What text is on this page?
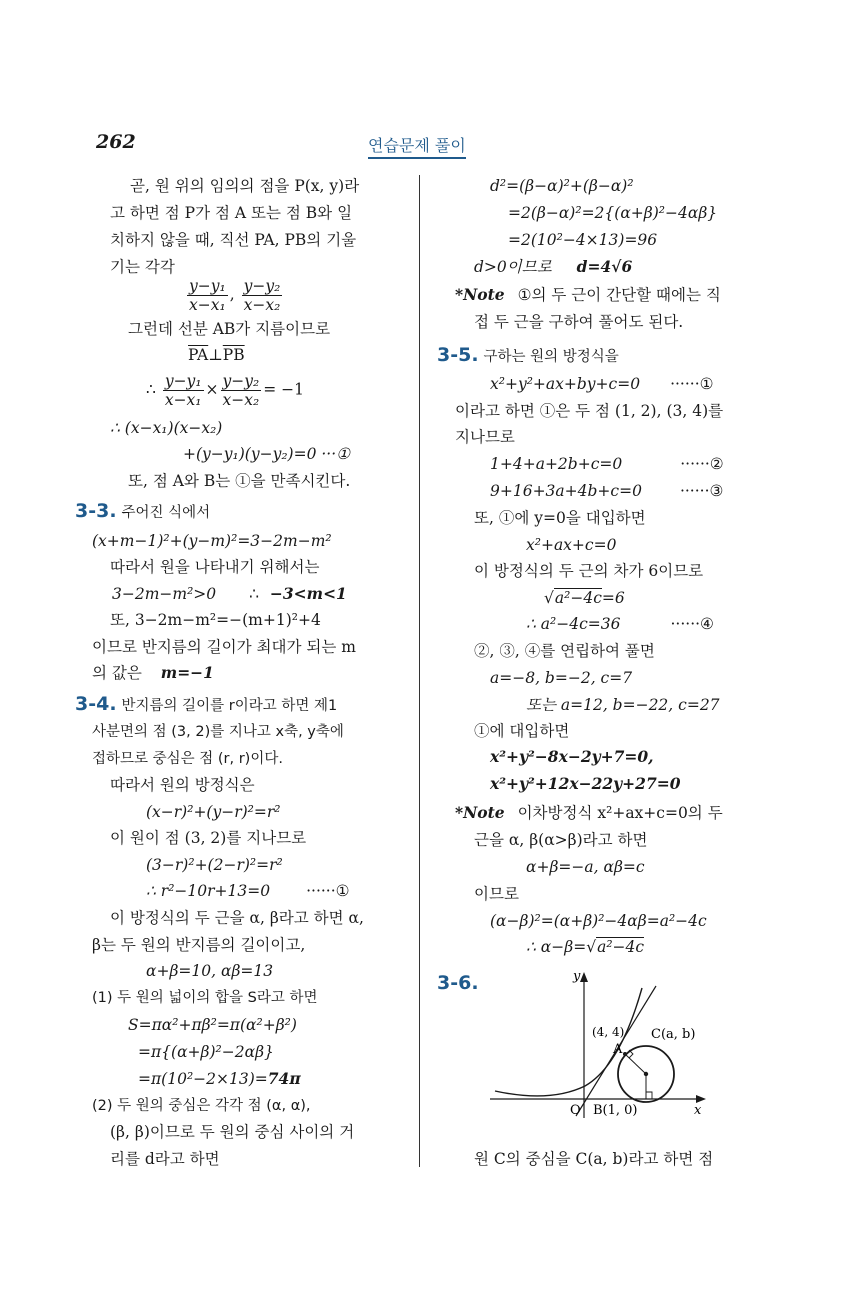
262	연습문제 풀이
곧, 원 위의 임의의 점을 P(x, y)라
고 하면 점 P가 점 A 또는 점 B와 일
치하지 않을 때, 직선 PA, PB의 기울
기는 각각
$\frac{\text{y−y₁}}{\text{x−x₁}}$ , $\frac{\text{y−y₂}}{\text{x−x₂}}$
그런데 선분 AB가 지름이므로
$\overline{PA}\perp\overline{PB}$
∴ $\frac{\text{y−y₁}}{\text{x−x₁}} \times \frac{\text{y−y₂}}{\text{x−x₂}} = -1$
∴ (x−x₁)(x−x₂)
+(y−y₁)(y−y₂)=0 ···①
또, 점 A와 B는 ①을 만족시킨다.
3-3. 주어진 식에서
(x+m−1)²+(y−m)²=3−2m−m²
따라서 원을 나타내기 위해서는
3−2m−m²>0 ∴ −3<m<1
또, 3−2m−m²=−(m+1)²+4
이므로 반지름의 길이가 최대가 되는 m
의 값은 m=−1
3-4. 반지름의 길이를 r이라고 하면 제1
사분면의 점 (3, 2)를 지나고 x축, y축에
접하므로 중심은 점 (r, r)이다.
따라서 원의 방정식은
(x−r)²+(y−r)²=r²
이 원이 점 (3, 2)를 지나므로
(3−r)²+(2−r)²=r²
∴ r²−10r+13=0 ······①
이 방정식의 두 근을 α, β라고 하면 α,
β는 두 원의 반지름의 길이이고,
α+β=10, αβ=13
(1) 두 원의 넓이의 합을 S라고 하면
S=πα²+πβ²=π(α²+β²)
=π{(α+β)²−2αβ}
=π(10²−2×13)=74π
(2) 두 원의 중심은 각각 점 (α, α),
(β, β)이므로 두 원의 중심 사이의 거
리를 d라고 하면
d²=(β−α)²+(β−α)²
=2(β−α)²=2{(α+β)²−4αβ}
=2(10²−4×13)=96
d>0이므로 d=4√6
*Note ①의 두 근이 간단할 때에는 직
접 두 근을 구하여 풀어도 된다.
3-5. 구하는 원의 방정식을
x²+y²+ax+by+c=0 ······①
이라고 하면 ①은 두 점 (1, 2), (3, 4)를
지나므로
1+4+a+2b+c=0	······②
9+16+3a+4b+c=0 ······③
또, ①에 y=0을 대입하면
x²+ax+c=0
이 방정식의 두 근의 차가 6이므로
√a²−4c=6
∴ a²−4c=36	······④
②, ③, ④를 연립하여 풀면
a=−8, b=−2, c=7
또는 a=12, b=−22, c=27
①에 대입하면
x²+y²−8x−2y+7=0,
x²+y²+12x−22y+27=0
*Note 이차방정식 x²+ax+c=0의 두
근을 α, β(α>β)라고 하면
α+β=−a, αβ=c
이므로
(α−β)²=(α+β)²−4αβ=a²−4c
∴ α−β=√a²−4c
3-6.	y
x
O
(4, 4)
A
C(a, b)
B(1, 0)
원 C의 중심을 C(a, b)라고 하면 점
